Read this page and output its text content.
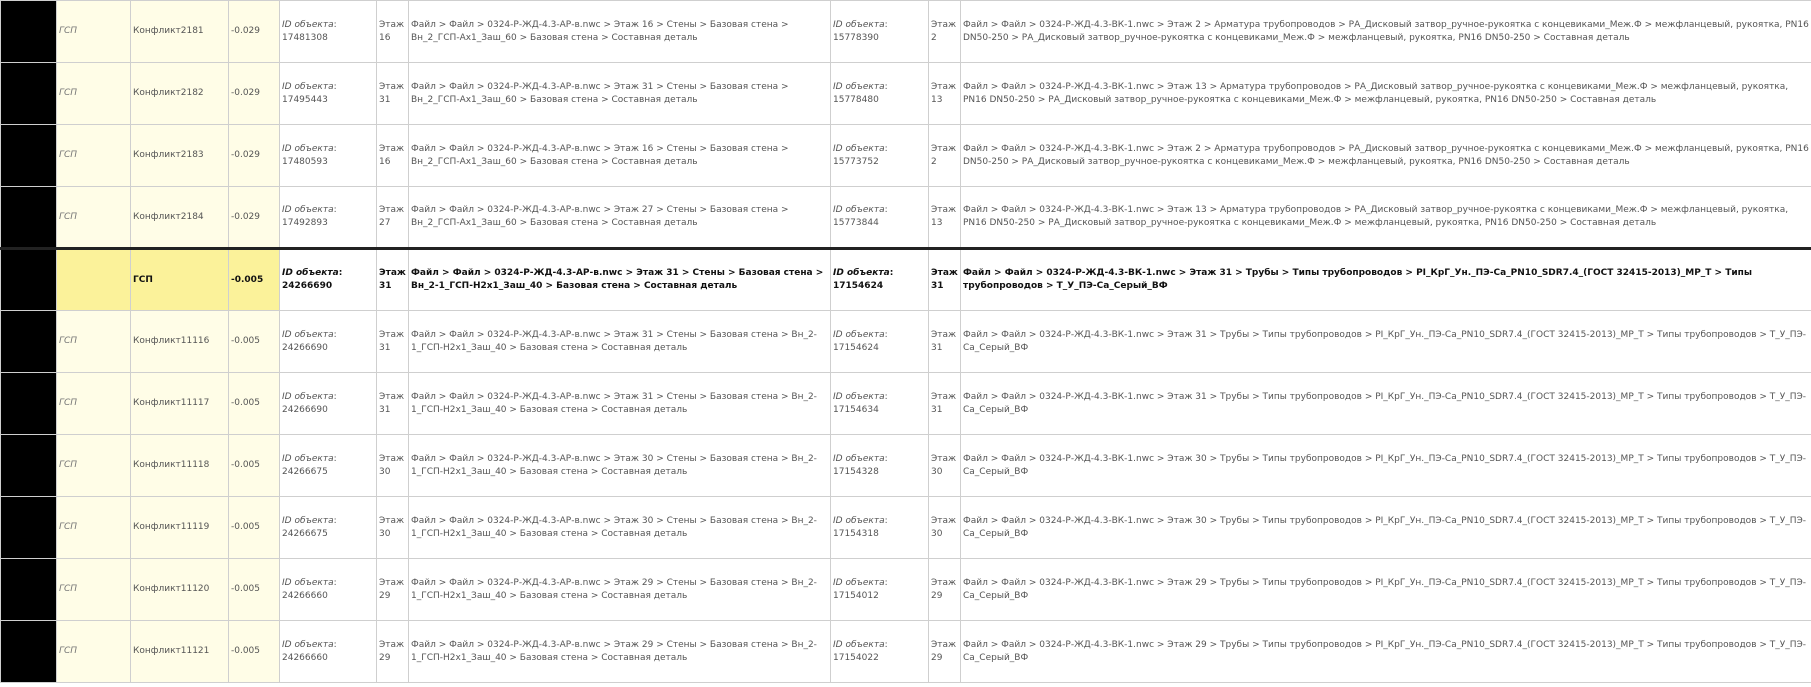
	ГСП	Конфликт2181	-0.029	ID объекта: 17481308	Этаж 16	Файл > Файл > 0324-Р-ЖД-4.3-АР-в.nwc > Этаж 16 > Стены > Базовая стена > Вн_2_ГСП-Ах1_Заш_60 > Базовая стена > Составная деталь	ID объекта: 15778390	Этаж 2	Файл > Файл > 0324-Р-ЖД-4.3-ВК-1.nwc > Этаж 2 > Арматура трубопроводов > РА_Дисковый затвор_ручное-рукоятка с концевиками_Меж.Ф > межфланцевый, рукоятка, PN16 DN50-250 > РА_Дисковый затвор_ручное-рукоятка с концевиками_Меж.Ф > межфланцевый, рукоятка, PN16 DN50-250 > Составная деталь

	ГСП	Конфликт2182	-0.029	ID объекта: 17495443	Этаж 31	Файл > Файл > 0324-Р-ЖД-4.3-АР-в.nwc > Этаж 31 > Стены > Базовая стена > Вн_2_ГСП-Ах1_Заш_60 > Базовая стена > Составная деталь	ID объекта: 15778480	Этаж 13	Файл > Файл > 0324-Р-ЖД-4.3-ВК-1.nwc > Этаж 13 > Арматура трубопроводов > РА_Дисковый затвор_ручное-рукоятка с концевиками_Меж.Ф > межфланцевый, рукоятка, PN16 DN50-250 > РА_Дисковый затвор_ручное-рукоятка с концевиками_Меж.Ф > межфланцевый, рукоятка, PN16 DN50-250 > Составная деталь

	ГСП	Конфликт2183	-0.029	ID объекта: 17480593	Этаж 16	Файл > Файл > 0324-Р-ЖД-4.3-АР-в.nwc > Этаж 16 > Стены > Базовая стена > Вн_2_ГСП-Ах1_Заш_60 > Базовая стена > Составная деталь	ID объекта: 15773752	Этаж 2	Файл > Файл > 0324-Р-ЖД-4.3-ВК-1.nwc > Этаж 2 > Арматура трубопроводов > РА_Дисковый затвор_ручное-рукоятка с концевиками_Меж.Ф > межфланцевый, рукоятка, PN16 DN50-250 > РА_Дисковый затвор_ручное-рукоятка с концевиками_Меж.Ф > межфланцевый, рукоятка, PN16 DN50-250 > Составная деталь

	ГСП	Конфликт2184	-0.029	ID объекта: 17492893	Этаж 27	Файл > Файл > 0324-Р-ЖД-4.3-АР-в.nwc > Этаж 27 > Стены > Базовая стена > Вн_2_ГСП-Ах1_Заш_60 > Базовая стена > Составная деталь	ID объекта: 15773844	Этаж 13	Файл > Файл > 0324-Р-ЖД-4.3-ВК-1.nwc > Этаж 13 > Арматура трубопроводов > РА_Дисковый затвор_ручное-рукоятка с концевиками_Меж.Ф > межфланцевый, рукоятка, PN16 DN50-250 > РА_Дисковый затвор_ручное-рукоятка с концевиками_Меж.Ф > межфланцевый, рукоятка, PN16 DN50-250 > Составная деталь

		ГСП	-0.005	ID объекта: 24266690	Этаж 31	Файл > Файл > 0324-Р-ЖД-4.3-АР-в.nwc > Этаж 31 > Стены > Базовая стена > Вн_2-1_ГСП-Н2х1_Заш_40 > Базовая стена > Составная деталь	ID объекта: 17154624	Этаж 31	Файл > Файл > 0324-Р-ЖД-4.3-ВК-1.nwc > Этаж 31 > Трубы > Типы трубопроводов > PI_КрГ_Ун._ПЭ-Са_PN10_SDR7.4_(ГОСТ 32415-2013)_МР_Т > Типы трубопроводов > Т_У_ПЭ-Са_Серый_ВФ

	ГСП	Конфликт11116	-0.005	ID объекта: 24266690	Этаж 31	Файл > Файл > 0324-Р-ЖД-4.3-АР-в.nwc > Этаж 31 > Стены > Базовая стена > Вн_2-1_ГСП-Н2х1_Заш_40 > Базовая стена > Составная деталь	ID объекта: 17154624	Этаж 31	Файл > Файл > 0324-Р-ЖД-4.3-ВК-1.nwc > Этаж 31 > Трубы > Типы трубопроводов > PI_КрГ_Ун._ПЭ-Са_PN10_SDR7.4_(ГОСТ 32415-2013)_МР_Т > Типы трубопроводов > Т_У_ПЭ-Са_Серый_ВФ

	ГСП	Конфликт11117	-0.005	ID объекта: 24266690	Этаж 31	Файл > Файл > 0324-Р-ЖД-4.3-АР-в.nwc > Этаж 31 > Стены > Базовая стена > Вн_2-1_ГСП-Н2х1_Заш_40 > Базовая стена > Составная деталь	ID объекта: 17154634	Этаж 31	Файл > Файл > 0324-Р-ЖД-4.3-ВК-1.nwc > Этаж 31 > Трубы > Типы трубопроводов > PI_КрГ_Ун._ПЭ-Са_PN10_SDR7.4_(ГОСТ 32415-2013)_МР_Т > Типы трубопроводов > Т_У_ПЭ-Са_Серый_ВФ

	ГСП	Конфликт11118	-0.005	ID объекта: 24266675	Этаж 30	Файл > Файл > 0324-Р-ЖД-4.3-АР-в.nwc > Этаж 30 > Стены > Базовая стена > Вн_2-1_ГСП-Н2х1_Заш_40 > Базовая стена > Составная деталь	ID объекта: 17154328	Этаж 30	Файл > Файл > 0324-Р-ЖД-4.3-ВК-1.nwc > Этаж 30 > Трубы > Типы трубопроводов > PI_КрГ_Ун._ПЭ-Са_PN10_SDR7.4_(ГОСТ 32415-2013)_МР_Т > Типы трубопроводов > Т_У_ПЭ-Са_Серый_ВФ

	ГСП	Конфликт11119	-0.005	ID объекта: 24266675	Этаж 30	Файл > Файл > 0324-Р-ЖД-4.3-АР-в.nwc > Этаж 30 > Стены > Базовая стена > Вн_2-1_ГСП-Н2х1_Заш_40 > Базовая стена > Составная деталь	ID объекта: 17154318	Этаж 30	Файл > Файл > 0324-Р-ЖД-4.3-ВК-1.nwc > Этаж 30 > Трубы > Типы трубопроводов > PI_КрГ_Ун._ПЭ-Са_PN10_SDR7.4_(ГОСТ 32415-2013)_МР_Т > Типы трубопроводов > Т_У_ПЭ-Са_Серый_ВФ

	ГСП	Конфликт11120	-0.005	ID объекта: 24266660	Этаж 29	Файл > Файл > 0324-Р-ЖД-4.3-АР-в.nwc > Этаж 29 > Стены > Базовая стена > Вн_2-1_ГСП-Н2х1_Заш_40 > Базовая стена > Составная деталь	ID объекта: 17154012	Этаж 29	Файл > Файл > 0324-Р-ЖД-4.3-ВК-1.nwc > Этаж 29 > Трубы > Типы трубопроводов > PI_КрГ_Ун._ПЭ-Са_PN10_SDR7.4_(ГОСТ 32415-2013)_МР_Т > Типы трубопроводов > Т_У_ПЭ-Са_Серый_ВФ

	ГСП	Конфликт11121	-0.005	ID объекта: 24266660	Этаж 29	Файл > Файл > 0324-Р-ЖД-4.3-АР-в.nwc > Этаж 29 > Стены > Базовая стена > Вн_2-1_ГСП-Н2х1_Заш_40 > Базовая стена > Составная деталь	ID объекта: 17154022	Этаж 29	Файл > Файл > 0324-Р-ЖД-4.3-ВК-1.nwc > Этаж 29 > Трубы > Типы трубопроводов > PI_КрГ_Ун._ПЭ-Са_PN10_SDR7.4_(ГОСТ 32415-2013)_МР_Т > Типы трубопроводов > Т_У_ПЭ-Са_Серый_ВФ
